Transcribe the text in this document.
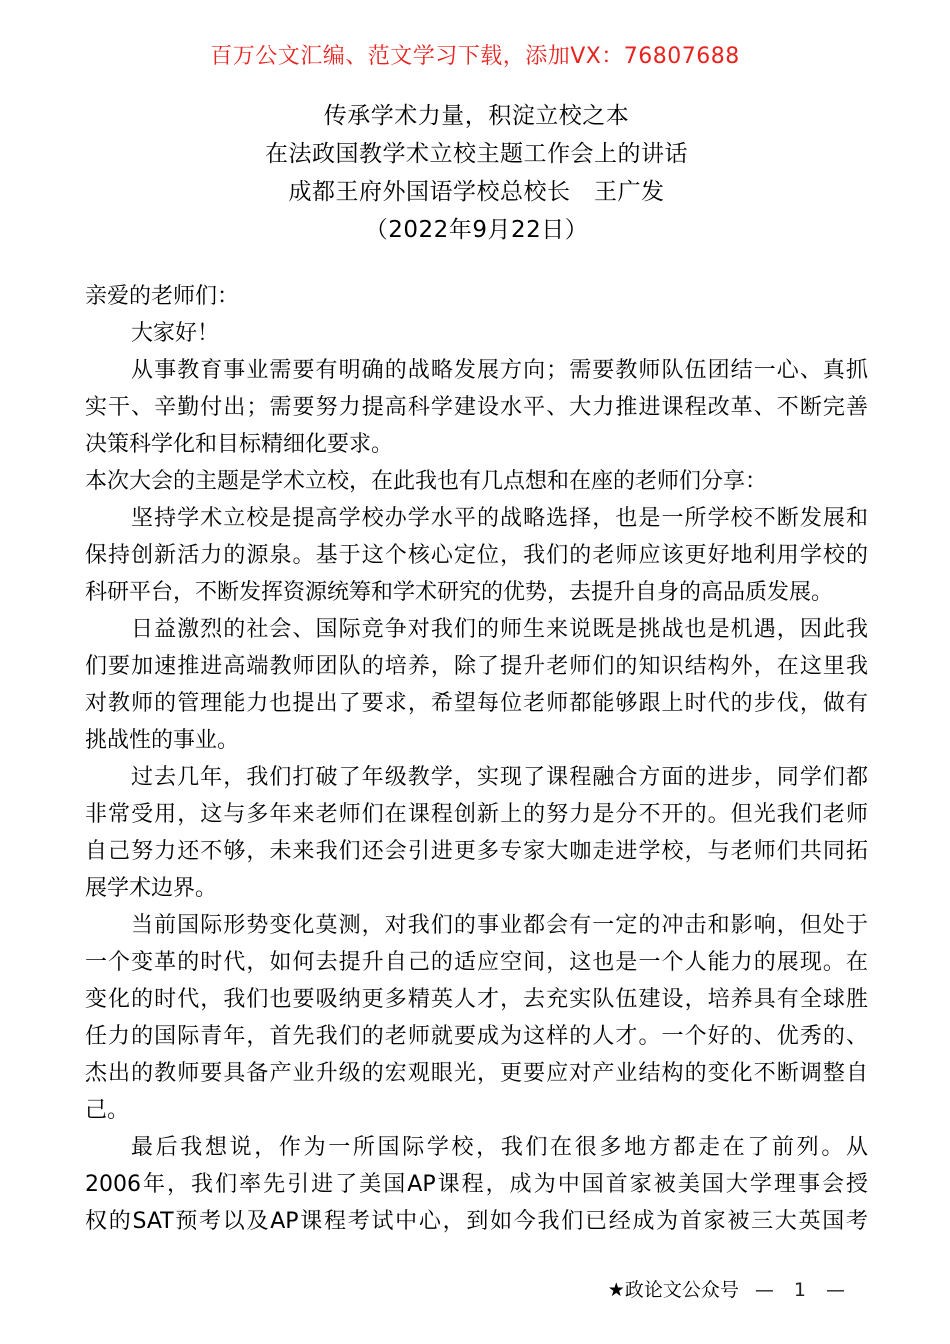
百万公文汇编、范文学习下载，添加VX：76807688
传承学术力量，积淀立校之本
在法政国教学术立校主题工作会上的讲话
成都王府外国语学校总校长　王广发
（2022年9月22日）
亲爱的老师们：
大家好！
从事教育事业需要有明确的战略发展方向；需要教师队伍团结一心、真抓
实干、辛勤付出；需要努力提高科学建设水平、大力推进课程改革、不断完善
决策科学化和目标精细化要求。
本次大会的主题是学术立校，在此我也有几点想和在座的老师们分享：
坚持学术立校是提高学校办学水平的战略选择，也是一所学校不断发展和
保持创新活力的源泉。基于这个核心定位，我们的老师应该更好地利用学校的
科研平台，不断发挥资源统筹和学术研究的优势，去提升自身的高品质发展。
日益激烈的社会、国际竞争对我们的师生来说既是挑战也是机遇，因此我
们要加速推进高端教师团队的培养，除了提升老师们的知识结构外，在这里我
对教师的管理能力也提出了要求，希望每位老师都能够跟上时代的步伐，做有
挑战性的事业。
过去几年，我们打破了年级教学，实现了课程融合方面的进步，同学们都
非常受用，这与多年来老师们在课程创新上的努力是分不开的。但光我们老师
自己努力还不够，未来我们还会引进更多专家大咖走进学校，与老师们共同拓
展学术边界。
当前国际形势变化莫测，对我们的事业都会有一定的冲击和影响，但处于
一个变革的时代，如何去提升自己的适应空间，这也是一个人能力的展现。在
变化的时代，我们也要吸纳更多精英人才，去充实队伍建设，培养具有全球胜
任力的国际青年，首先我们的老师就要成为这样的人才。一个好的、优秀的、
杰出的教师要具备产业升级的宏观眼光，更要应对产业结构的变化不断调整自
己。
最后我想说，作为一所国际学校，我们在很多地方都走在了前列。从
2006年，我们率先引进了美国AP课程，成为中国首家被美国大学理事会授
权的SAT预考以及AP课程考试中心，到如今我们已经成为首家被三大英国考
★政论文公众号 — 1 —
